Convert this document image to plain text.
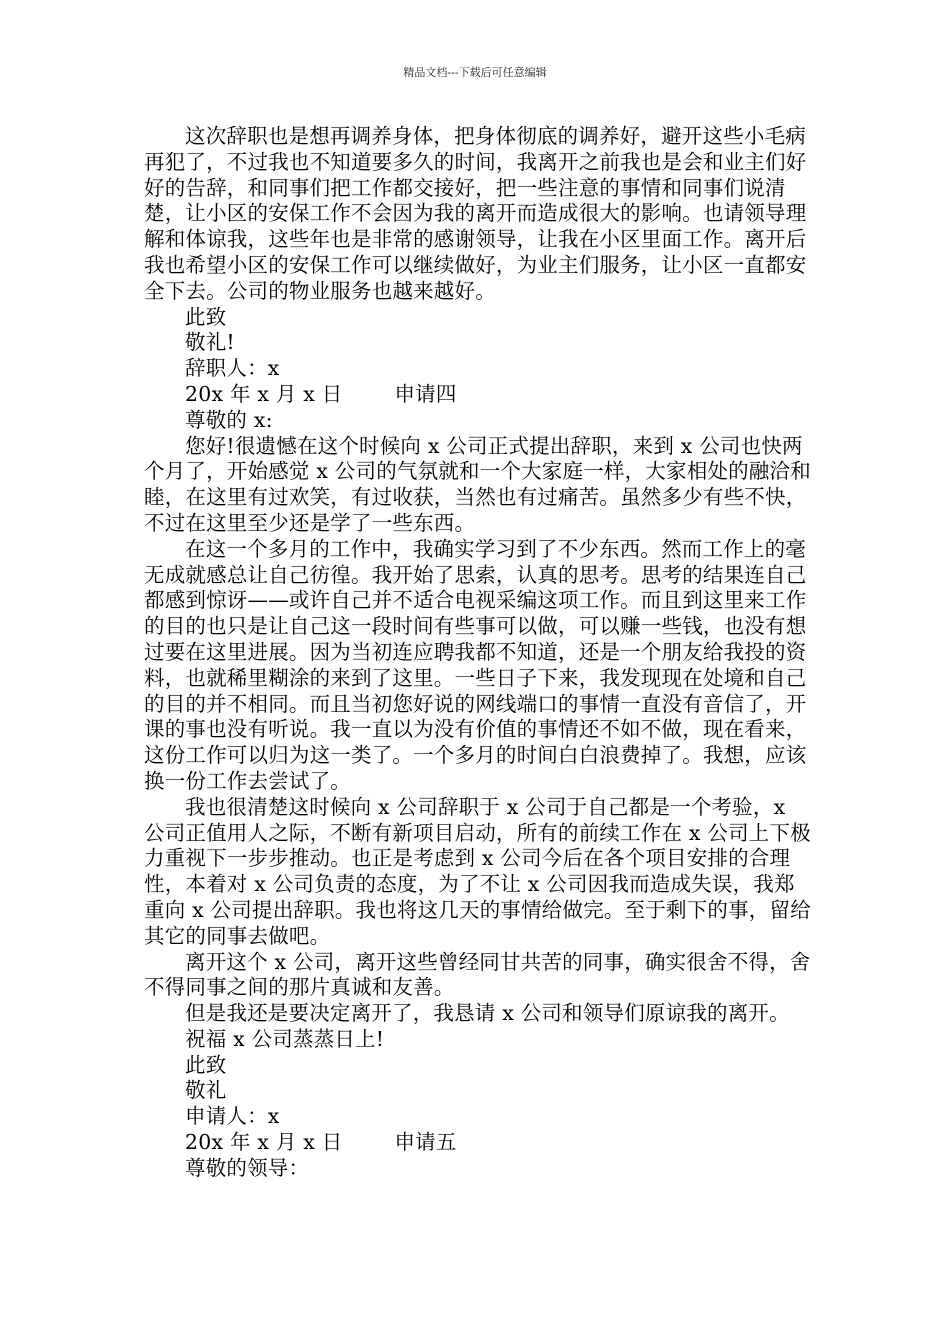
精品文档---下载后可任意编辑

这次辞职也是想再调养身体，把身体彻底的调养好，避开这些小毛病再犯了，不过我也不知道要多久的时间，我离开之前我也是会和业主们好好的告辞，和同事们把工作都交接好，把一些注意的事情和同事们说清楚，让小区的安保工作不会因为我的离开而造成很大的影响。也请领导理解和体谅我，这些年也是非常的感谢领导，让我在小区里面工作。离开后我也希望小区的安保工作可以继续做好，为业主们服务，让小区一直都安全下去。公司的物业服务也越来越好。

此致

敬礼!

辞职人：x

20x 年 x 月 x 日	申请四

尊敬的 x:

您好!很遗憾在这个时候向 x 公司正式提出辞职，来到 x 公司也快两个月了，开始感觉 x 公司的气氛就和一个大家庭一样，大家相处的融洽和睦，在这里有过欢笑，有过收获，当然也有过痛苦。虽然多少有些不快，不过在这里至少还是学了一些东西。

在这一个多月的工作中，我确实学习到了不少东西。然而工作上的毫无成就感总让自己彷徨。我开始了思索，认真的思考。思考的结果连自己都感到惊讶——或许自己并不适合电视采编这项工作。而且到这里来工作的目的也只是让自己这一段时间有些事可以做，可以赚一些钱，也没有想过要在这里进展。因为当初连应聘我都不知道，还是一个朋友给我投的资料，也就稀里糊涂的来到了这里。一些日子下来，我发现现在处境和自己的目的并不相同。而且当初您好说的网线端口的事情一直没有音信了，开课的事也没有听说。我一直以为没有价值的事情还不如不做，现在看来，这份工作可以归为这一类了。一个多月的时间白白浪费掉了。我想，应该换一份工作去尝试了。

我也很清楚这时候向 x 公司辞职于 x 公司于自己都是一个考验，x 公司正值用人之际，不断有新项目启动，所有的前续工作在 x 公司上下极力重视下一步步推动。也正是考虑到 x 公司今后在各个项目安排的合理性，本着对 x 公司负责的态度，为了不让 x 公司因我而造成失误，我郑重向 x 公司提出辞职。我也将这几天的事情给做完。至于剩下的事，留给其它的同事去做吧。

离开这个 x 公司，离开这些曾经同甘共苦的同事，确实很舍不得，舍不得同事之间的那片真诚和友善。

但是我还是要决定离开了，我恳请 x 公司和领导们原谅我的离开。

祝福 x 公司蒸蒸日上!

此致

敬礼

申请人：x

20x 年 x 月 x 日	申请五

尊敬的领导：
